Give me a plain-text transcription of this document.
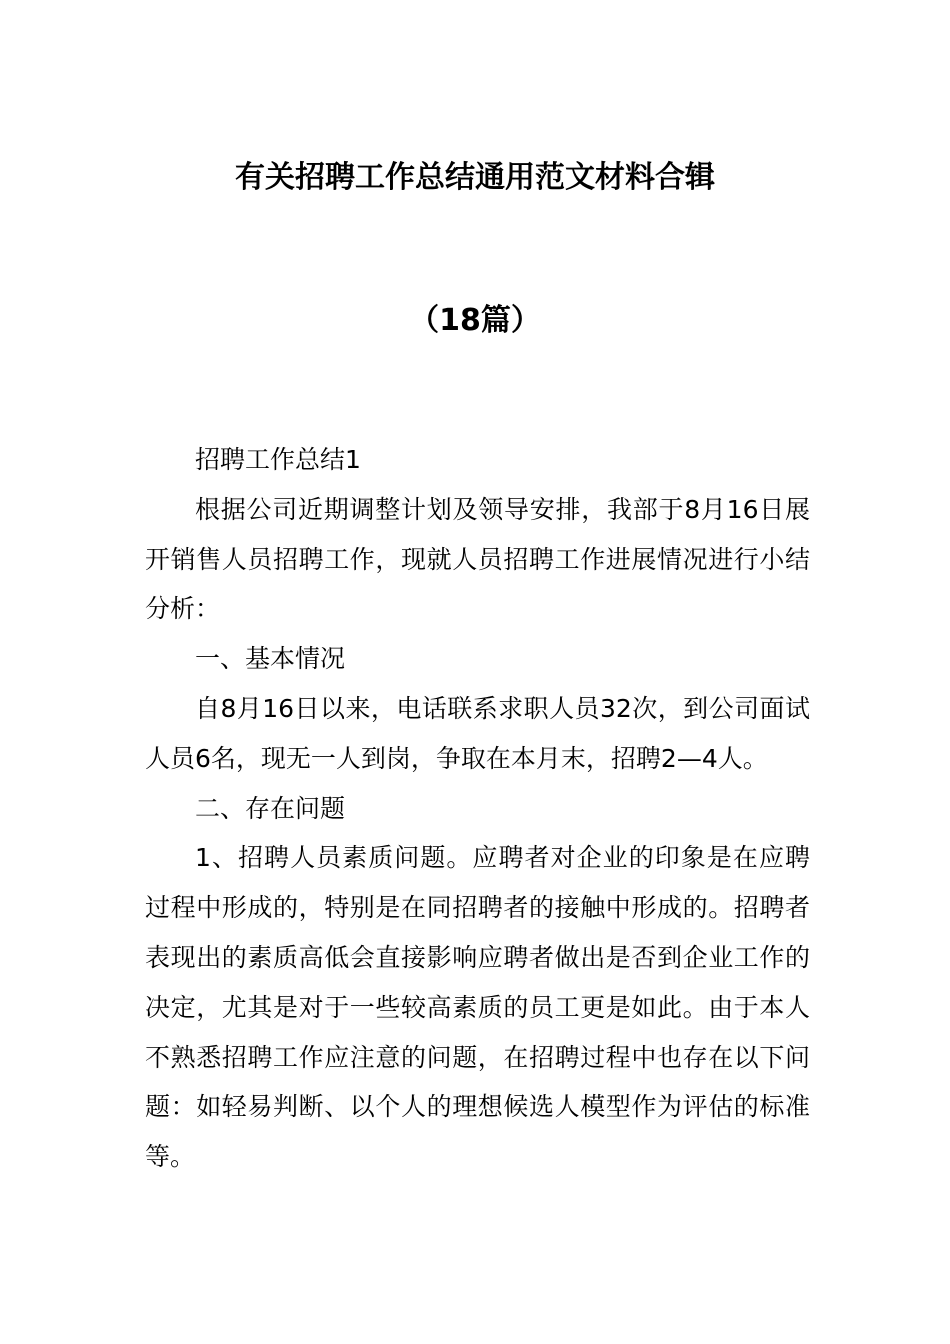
有关招聘工作总结通用范文材料合辑
（18篇）

招聘工作总结1

根据公司近期调整计划及领导安排，我部于8月16日展开销售人员招聘工作，现就人员招聘工作进展情况进行小结分析：

一、基本情况

自8月16日以来，电话联系求职人员32次，到公司面试人员6名，现无一人到岗，争取在本月末，招聘2—4人。

二、存在问题

1、招聘人员素质问题。应聘者对企业的印象是在应聘过程中形成的，特别是在同招聘者的接触中形成的。招聘者表现出的素质高低会直接影响应聘者做出是否到企业工作的决定，尤其是对于一些较高素质的员工更是如此。由于本人不熟悉招聘工作应注意的问题，在招聘过程中也存在以下问题：如轻易判断、以个人的理想候选人模型作为评估的标准等。
